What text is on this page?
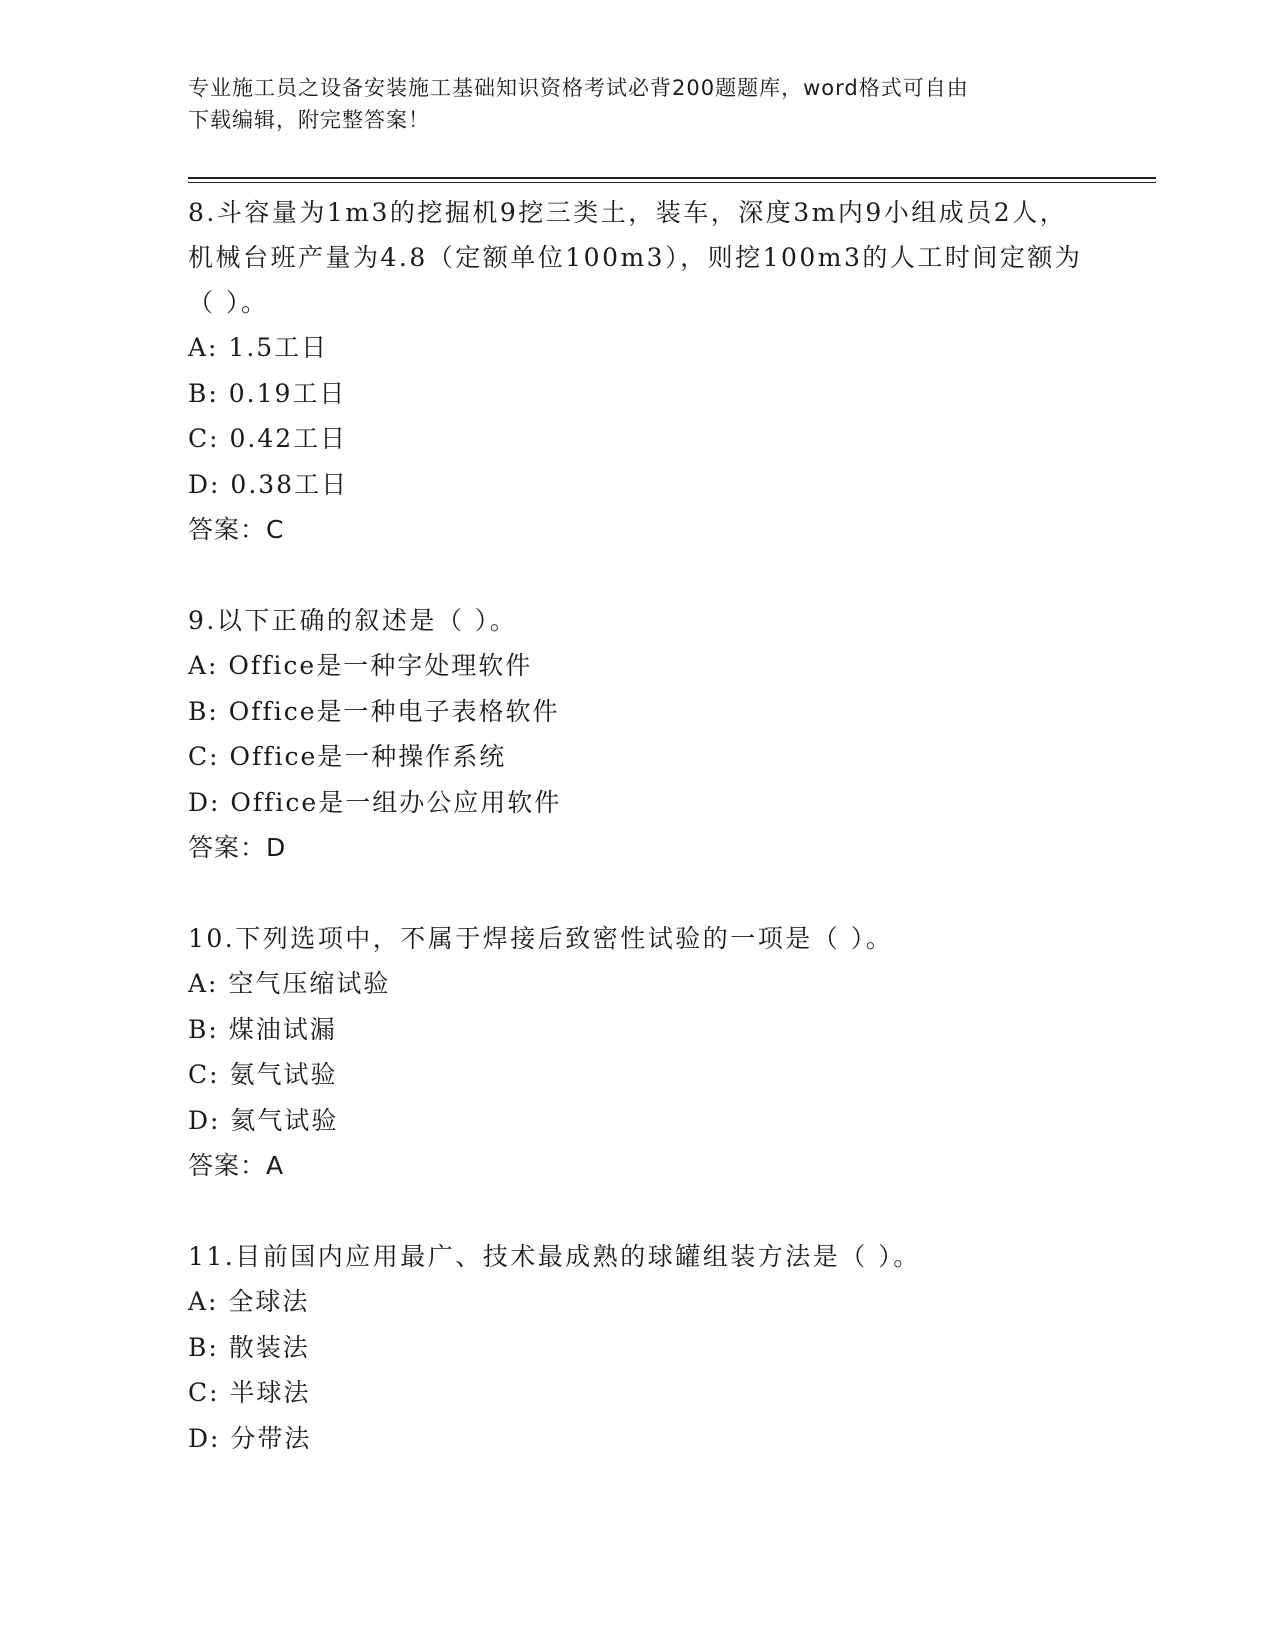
专业施工员之设备安装施工基础知识资格考试必背200题题库，word格式可自由
下载编辑，附完整答案！
8.斗容量为1m3的挖掘机9挖三类土，装车，深度3m内9小组成员2人，机械台班产量为4.8（定额单位100m3），则挖100m3的人工时间定额为（ ）。
A: 1.5工日
B: 0.19工日
C: 0.42工日
D: 0.38工日
答案：C
9.以下正确的叙述是（ ）。
A: Office是一种字处理软件
B: Office是一种电子表格软件
C: Office是一种操作系统
D: Office是一组办公应用软件
答案：D
10.下列选项中，不属于焊接后致密性试验的一项是（ ）。
A: 空气压缩试验
B: 煤油试漏
C: 氨气试验
D: 氦气试验
答案：A
11.目前国内应用最广、技术最成熟的球罐组装方法是（ ）。
A: 全球法
B: 散装法
C: 半球法
D: 分带法
